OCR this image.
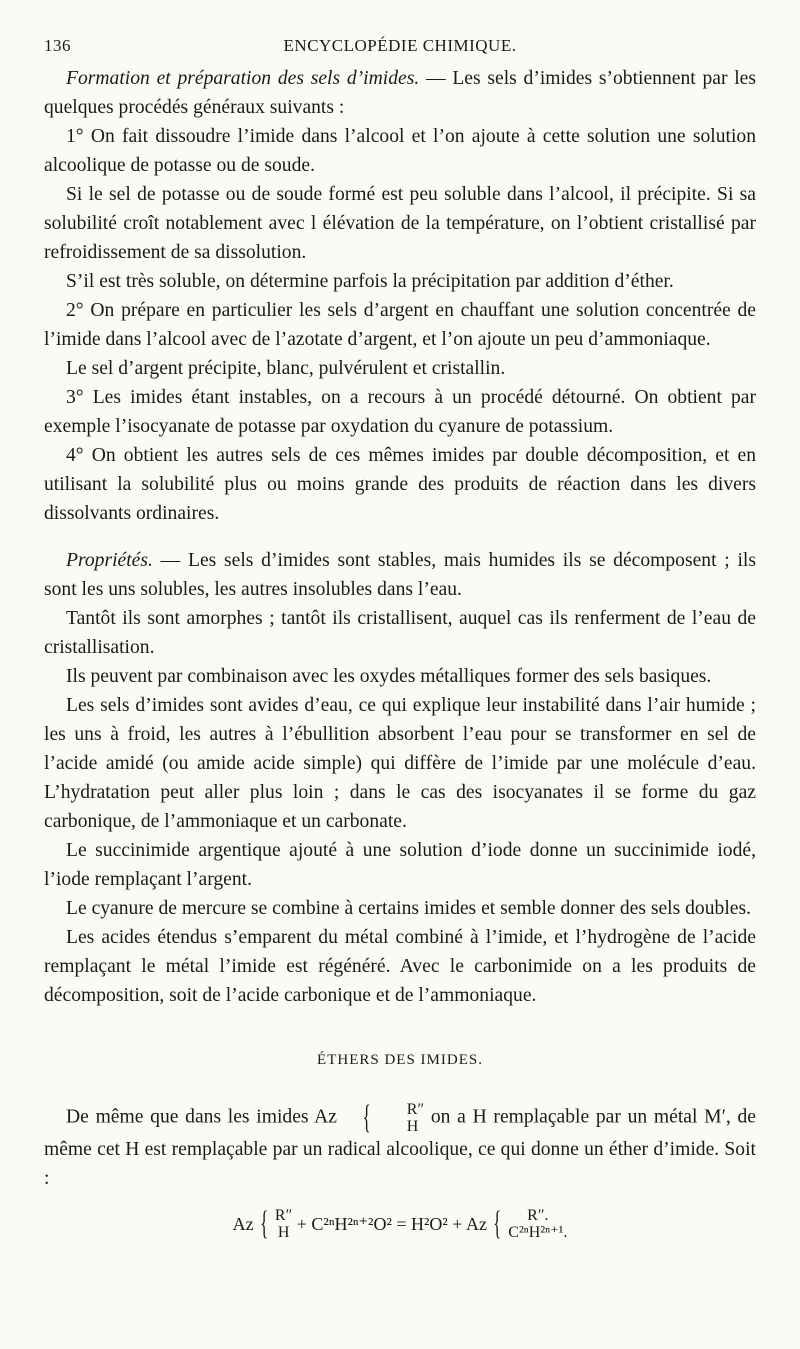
136	ENCYCLOPÉDIE CHIMIQUE.

Formation et préparation des sels d’imides. — Les sels d’imides s’obtiennent par les quelques procédés généraux suivants :

1° On fait dissoudre l’imide dans l’alcool et l’on ajoute à cette solution une solution alcoolique de potasse ou de soude.

Si le sel de potasse ou de soude formé est peu soluble dans l’alcool, il précipite. Si sa solubilité croît notablement avec l élévation de la température, on l’obtient cristallisé par refroidissement de sa dissolution.

S’il est très soluble, on détermine parfois la précipitation par addition d’éther.

2° On prépare en particulier les sels d’argent en chauffant une solution concentrée de l’imide dans l’alcool avec de l’azotate d’argent, et l’on ajoute un peu d’ammoniaque.

Le sel d’argent précipite, blanc, pulvérulent et cristallin.

3° Les imides étant instables, on a recours à un procédé détourné. On obtient par exemple l’isocyanate de potasse par oxydation du cyanure de potassium.

4° On obtient les autres sels de ces mêmes imides par double décomposition, et en utilisant la solubilité plus ou moins grande des produits de réaction dans les divers dissolvants ordinaires.

Propriétés. — Les sels d’imides sont stables, mais humides ils se décomposent ; ils sont les uns solubles, les autres insolubles dans l’eau.

Tantôt ils sont amorphes ; tantôt ils cristallisent, auquel cas ils renferment de l’eau de cristallisation.

Ils peuvent par combinaison avec les oxydes métalliques former des sels basiques.

Les sels d’imides sont avides d’eau, ce qui explique leur instabilité dans l’air humide ; les uns à froid, les autres à l’ébullition absorbent l’eau pour se transformer en sel de l’acide amidé (ou amide acide simple) qui diffère de l’imide par une molécule d’eau. L’hydratation peut aller plus loin ; dans le cas des isocyanates il se forme du gaz carbonique, de l’ammoniaque et un carbonate.

Le succinimide argentique ajouté à une solution d’iode donne un succinimide iodé, l’iode remplaçant l’argent.

Le cyanure de mercure se combine à certains imides et semble donner des sels doubles.

Les acides étendus s’emparent du métal combiné à l’imide, et l’hydrogène de l’acide remplaçant le métal l’imide est régénéré. Avec le carbonimide on a les produits de décomposition, soit de l’acide carbonique et de l’ammoniaque.

ÉTHERS DES IMIDES.

De même que dans les imides Az {	R″
H on a H remplaçable par un métal M′, de même cet H est remplaçable par un radical alcoolique, ce qui donne un éther d’imide. Soit :

Az { R″
H + C²ⁿH²ⁿ⁺²O² = H²O² + Az {	R″.
C²ⁿH²ⁿ⁺¹.
